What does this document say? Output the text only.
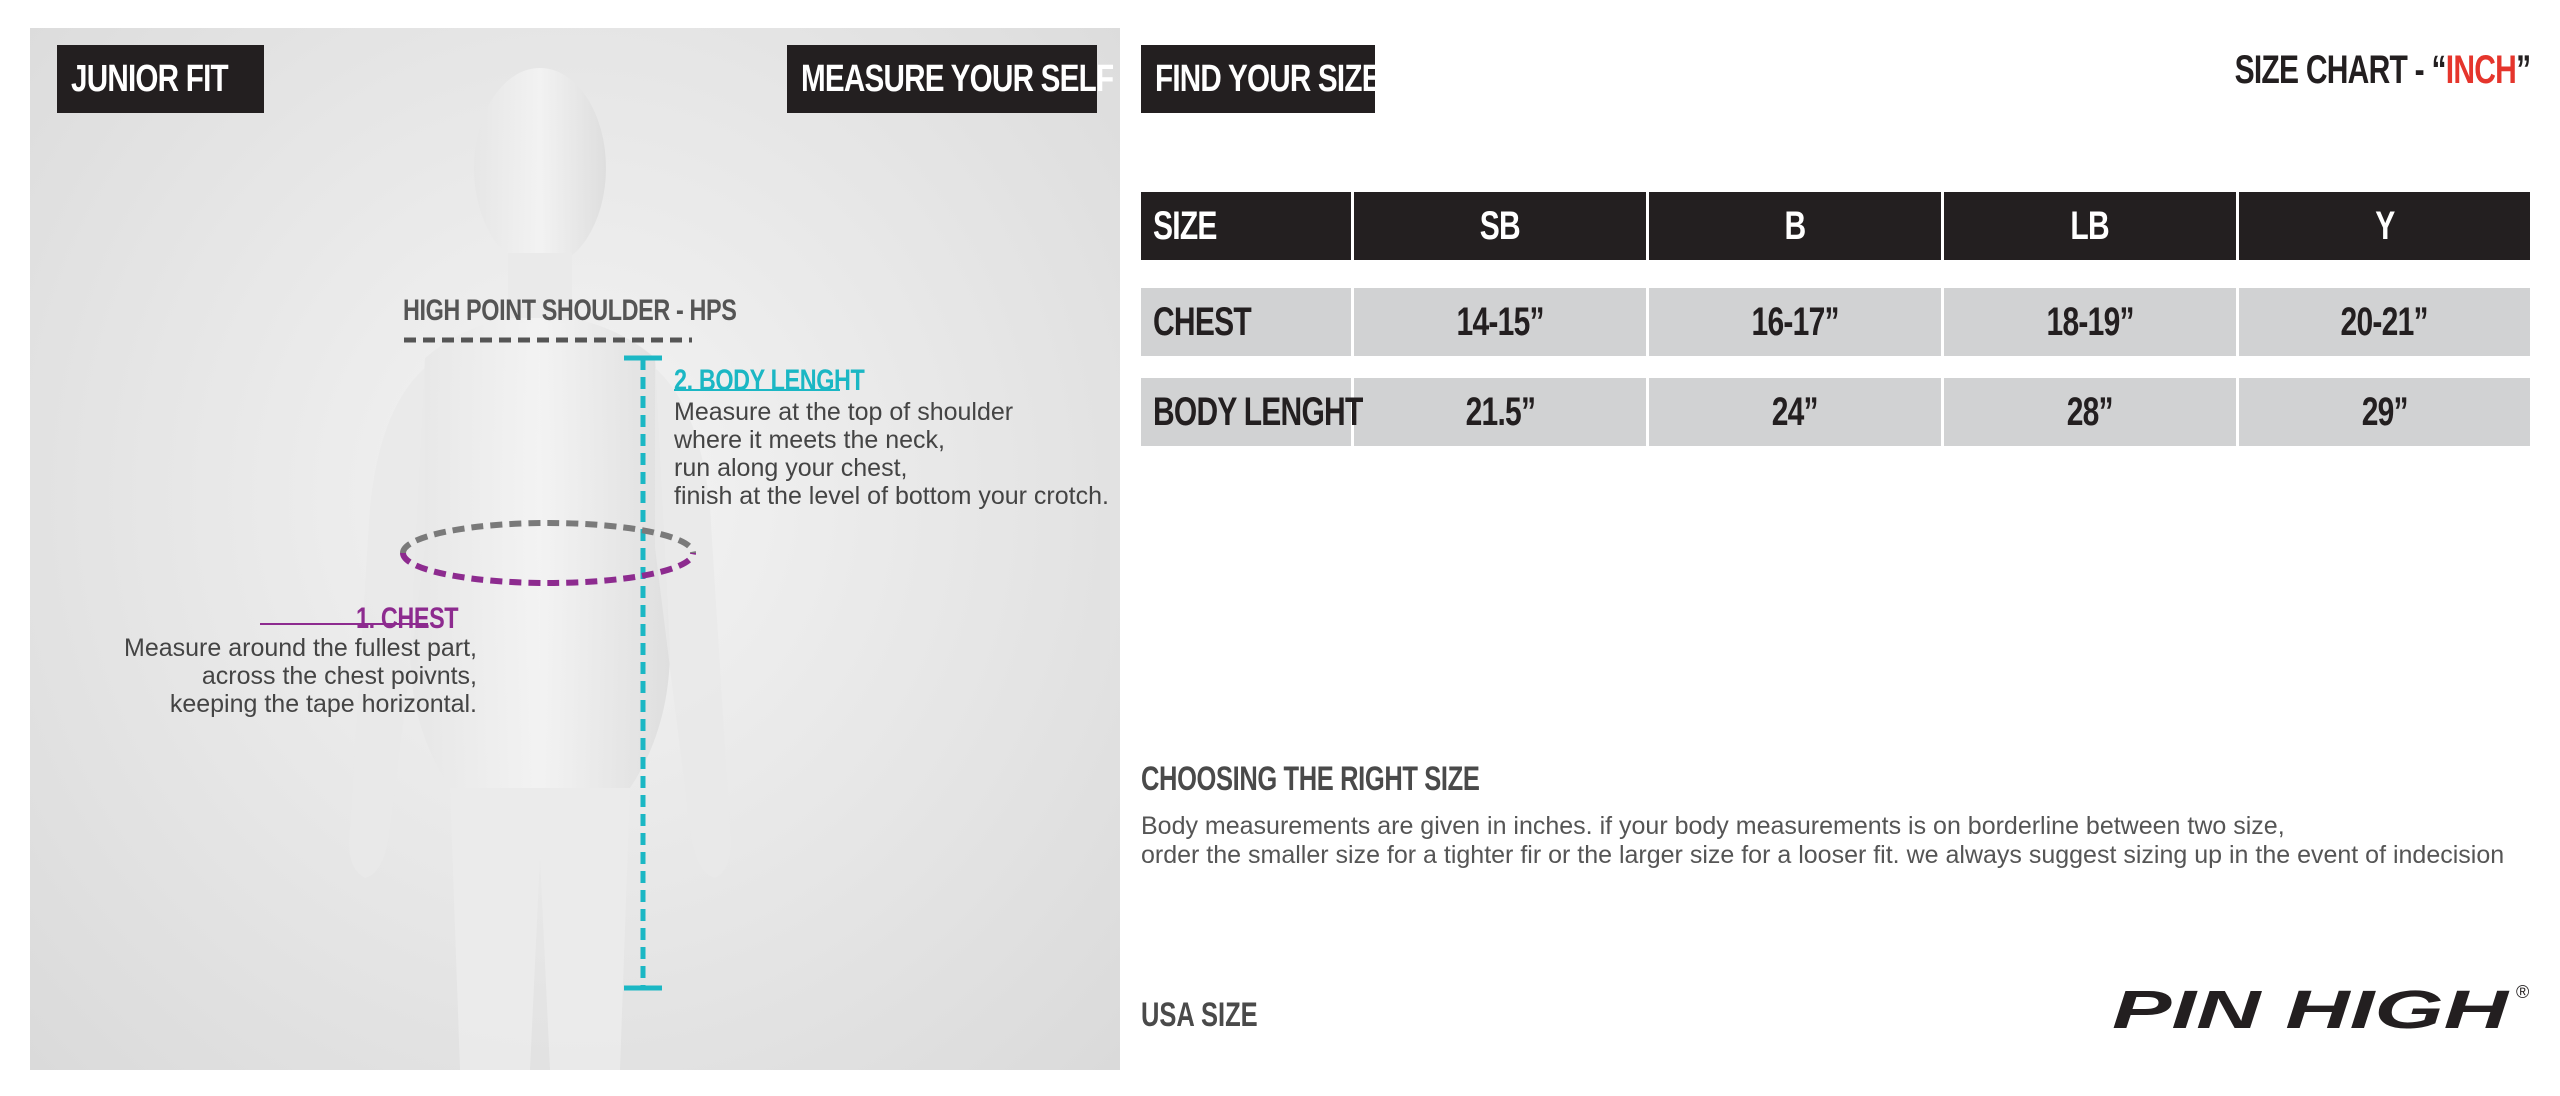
JUNIOR FIT	MEASURE YOUR SELF
HIGH POINT SHOULDER - HPS
2. BODY LENGHT
Measure at the top of shoulder
where it meets the neck,
run along your chest,
finish at the level of bottom your crotch.
1. CHEST
Measure around the fullest part,
across the chest poivnts,
keeping the tape horizontal.
FIND YOUR SIZE	SIZE CHART - “INCH”
SIZE	SB	B	LB	Y
CHEST	14-15”	16-17”	18-19”	20-21”
BODY LENGHT	21.5”	24”	28”	29”
CHOOSING THE RIGHT SIZE
Body measurements are given in inches. if your body measurements is on borderline between two size,
order the smaller size for a tighter fir or the larger size for a looser fit. we always suggest sizing up in the event of indecision
USA SIZE	PIN HIGH ®
